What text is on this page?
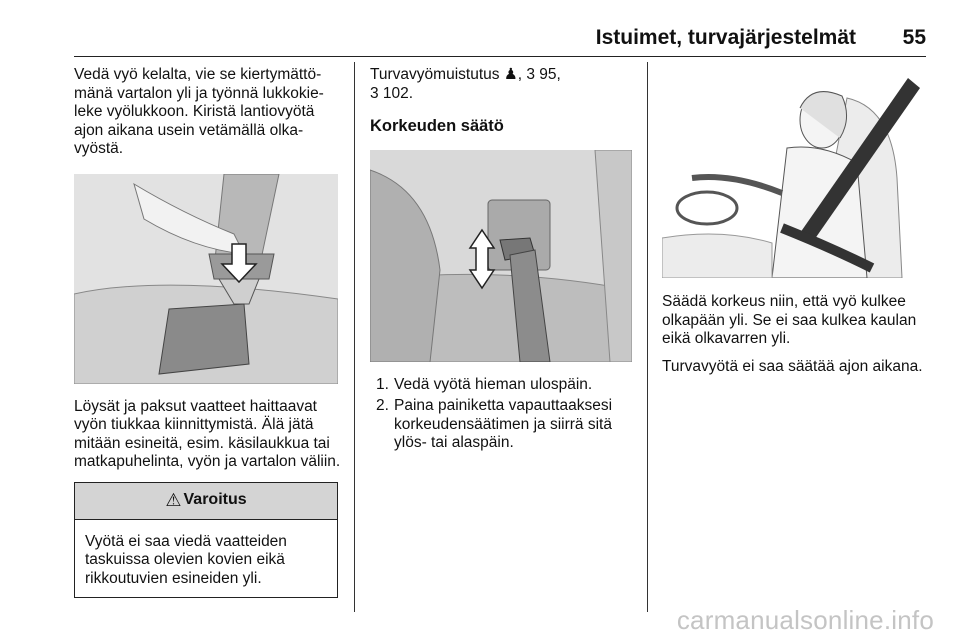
Istuimet, turvajärjestelmät 55

Vedä vyö kelalta, vie se kiertymättö-mänä vartalon yli ja työnnä lukkokie-leke vyölukkoon. Kiristä lantiovyötä ajon aikana usein vetämällä olka-vyöstä.

Löysät ja paksut vaatteet haittaavat vyön tiukkaa kiinnittymistä. Älä jätä mitään esineitä, esim. käsilaukkua tai matkapuhelinta, vyön ja vartalon väliin.

⚠ Varoitus
Vyötä ei saa viedä vaatteiden taskuissa olevien kovien eikä rikkoutuvien esineiden yli.

Turvavyömuistutus ♟, 3 95,
3 102.

Korkeuden säätö
1. Vedä vyötä hieman ulospäin.
2. Paina painiketta vapauttaaksesi korkeudensäätimen ja siirrä sitä ylös- tai alaspäin.

Säädä korkeus niin, että vyö kulkee olkapään yli. Se ei saa kulkea kaulan eikä olkavarren yli.

Turvavyötä ei saa säätää ajon aikana.

carmanualsonline.info
